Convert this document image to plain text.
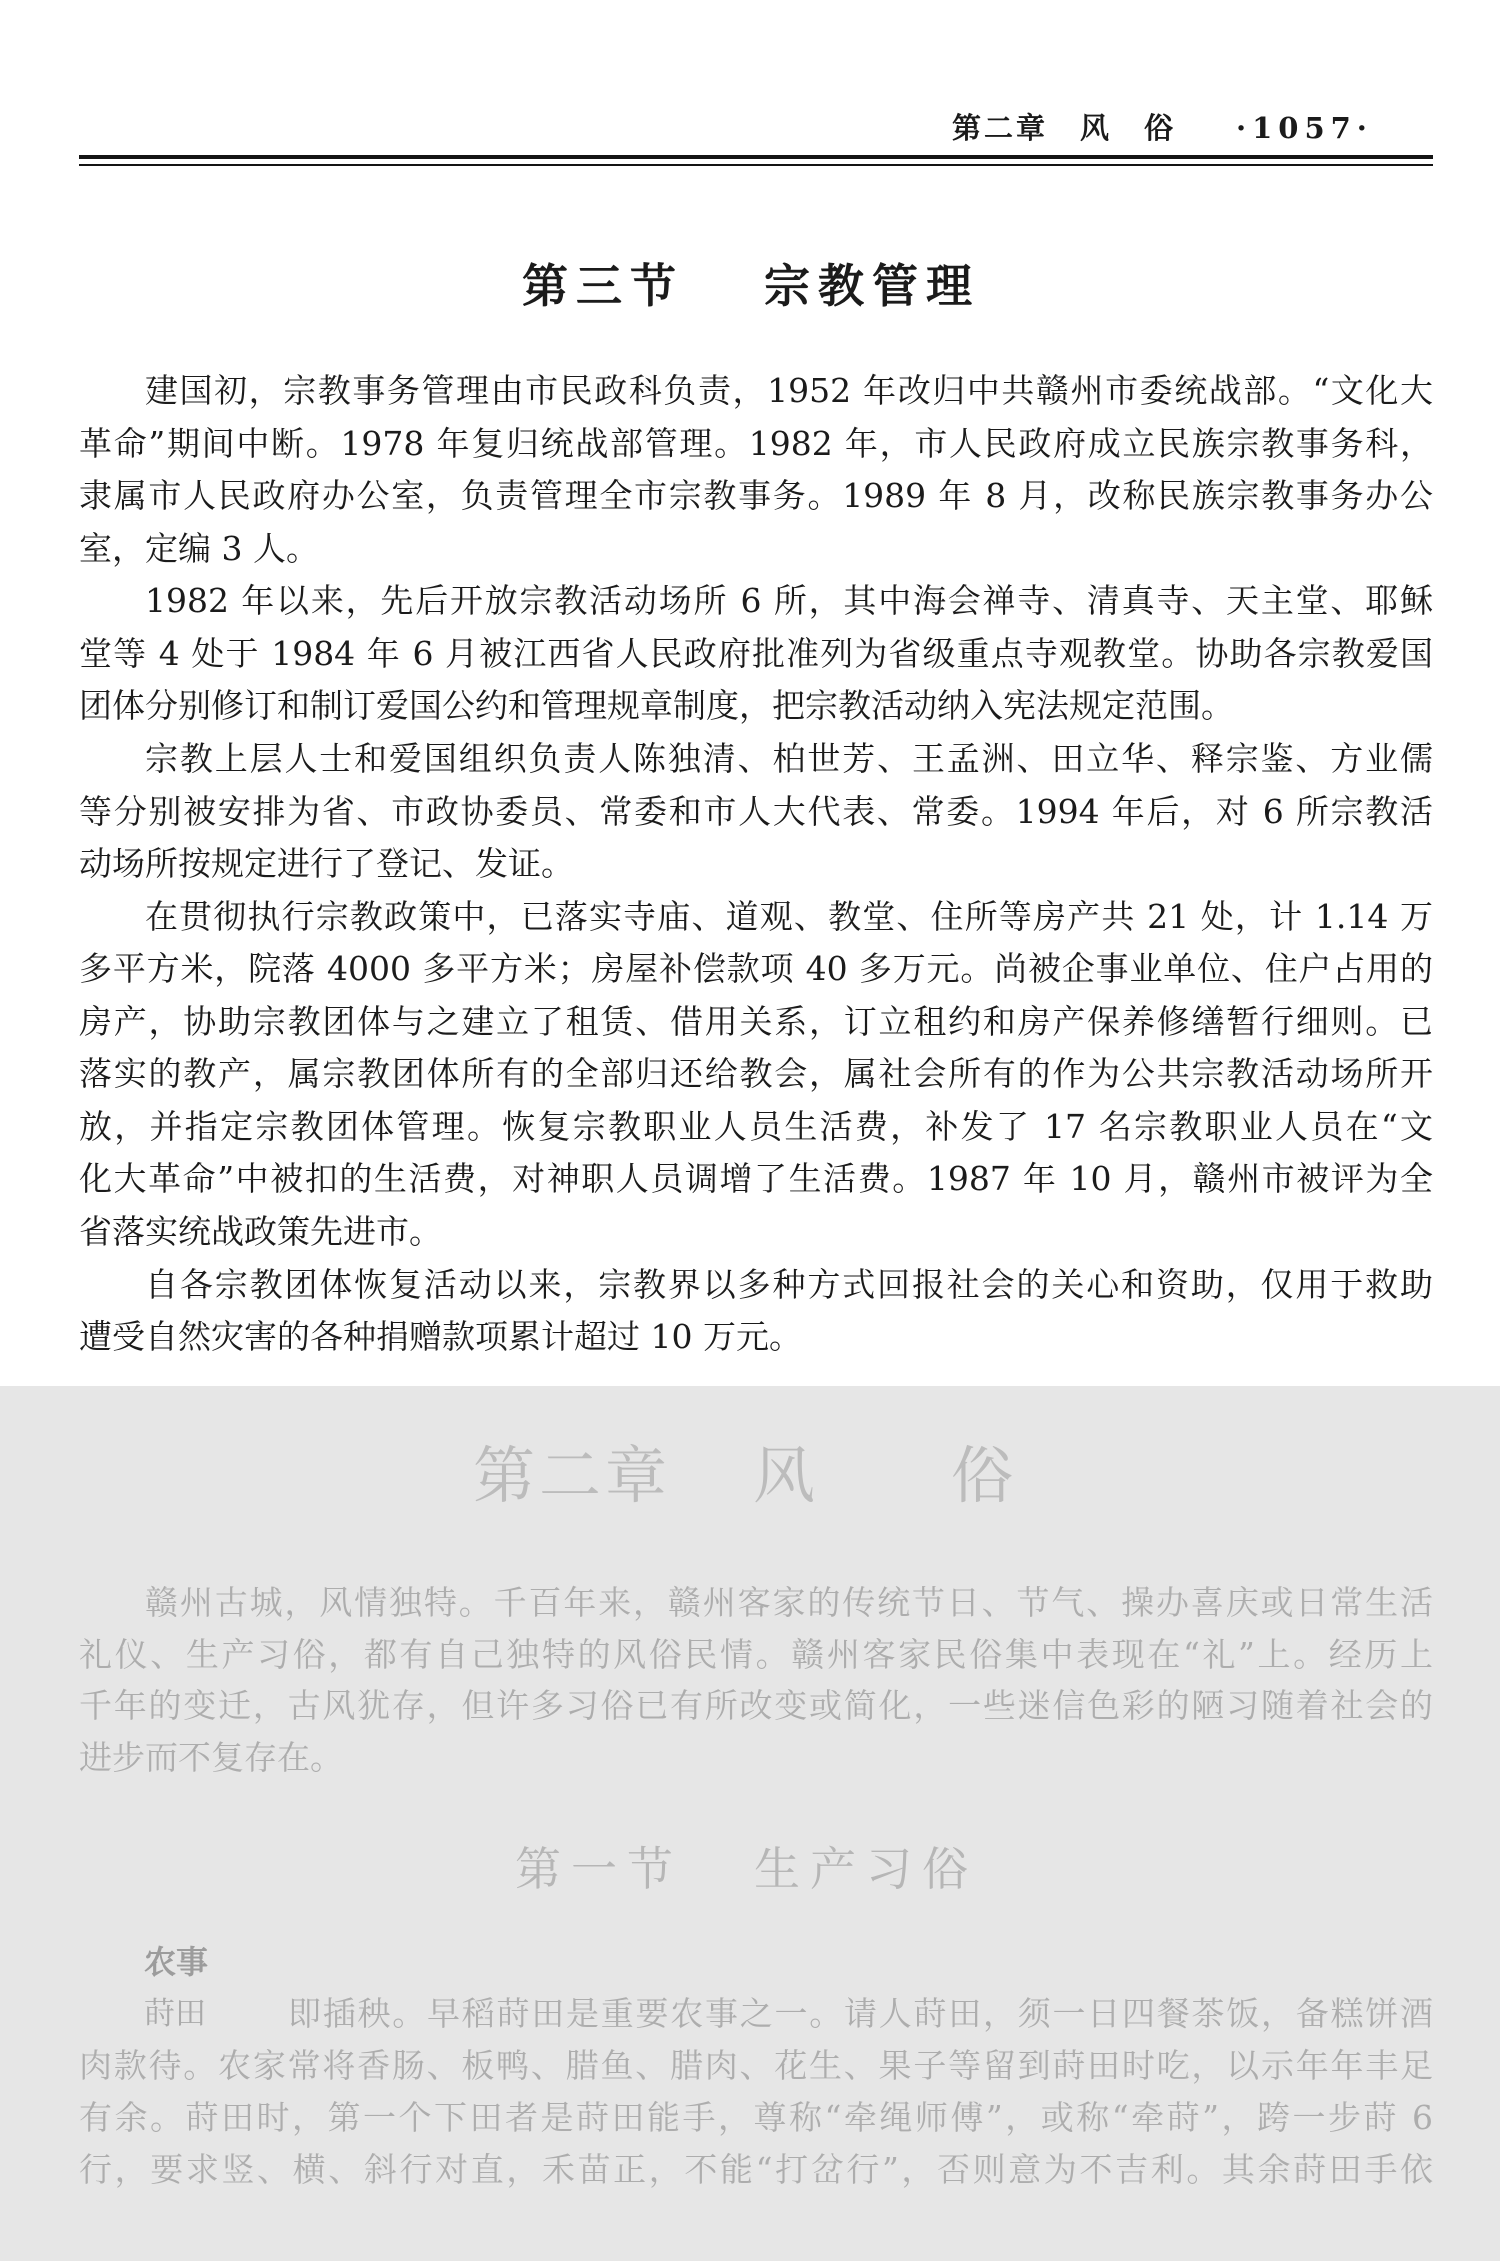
第二章　风　俗 ·1057·
第三节 宗教管理
建国初，宗教事务管理由市民政科负责，1952 年改归中共赣州市委统战部。“文化大
革命”期间中断。1978 年复归统战部管理。1982 年，市人民政府成立民族宗教事务科，
隶属市人民政府办公室，负责管理全市宗教事务。1989 年 8 月，改称民族宗教事务办公
室，定编 3 人。
1982 年以来，先后开放宗教活动场所 6 所，其中海会禅寺、清真寺、天主堂、耶稣
堂等 4 处于 1984 年 6 月被江西省人民政府批准列为省级重点寺观教堂。协助各宗教爱国
团体分别修订和制订爱国公约和管理规章制度，把宗教活动纳入宪法规定范围。
宗教上层人士和爱国组织负责人陈独清、柏世芳、王孟洲、田立华、释宗鉴、方业儒
等分别被安排为省、市政协委员、常委和市人大代表、常委。1994 年后，对 6 所宗教活
动场所按规定进行了登记、发证。
在贯彻执行宗教政策中，已落实寺庙、道观、教堂、住所等房产共 21 处，计 1.14 万
多平方米，院落 4000 多平方米；房屋补偿款项 40 多万元。尚被企事业单位、住户占用的
房产，协助宗教团体与之建立了租赁、借用关系，订立租约和房产保养修缮暂行细则。已
落实的教产，属宗教团体所有的全部归还给教会，属社会所有的作为公共宗教活动场所开
放，并指定宗教团体管理。恢复宗教职业人员生活费，补发了 17 名宗教职业人员在“文
化大革命”中被扣的生活费，对神职人员调增了生活费。1987 年 10 月，赣州市被评为全
省落实统战政策先进市。
自各宗教团体恢复活动以来，宗教界以多种方式回报社会的关心和资助，仅用于救助
遭受自然灾害的各种捐赠款项累计超过 10 万元。
第二章 风　　俗
赣州古城，风情独特。千百年来，赣州客家的传统节日、节气、操办喜庆或日常生活
礼仪、生产习俗，都有自己独特的风俗民情。赣州客家民俗集中表现在“礼”上。经历上
千年的变迁，古风犹存，但许多习俗已有所改变或简化，一些迷信色彩的陋习随着社会的
进步而不复存在。
第一节 生产习俗
农事
莳田 即插秧。早稻莳田是重要农事之一。请人莳田，须一日四餐茶饭，备糕饼酒
肉款待。农家常将香肠、板鸭、腊鱼、腊肉、花生、果子等留到莳田时吃，以示年年丰足
有余。莳田时，第一个下田者是莳田能手，尊称“牵绳师傅”，或称“牵莳”，跨一步莳 6
行，要求竖、横、斜行对直，禾苗正，不能“打岔行”，否则意为不吉利。其余莳田手依
